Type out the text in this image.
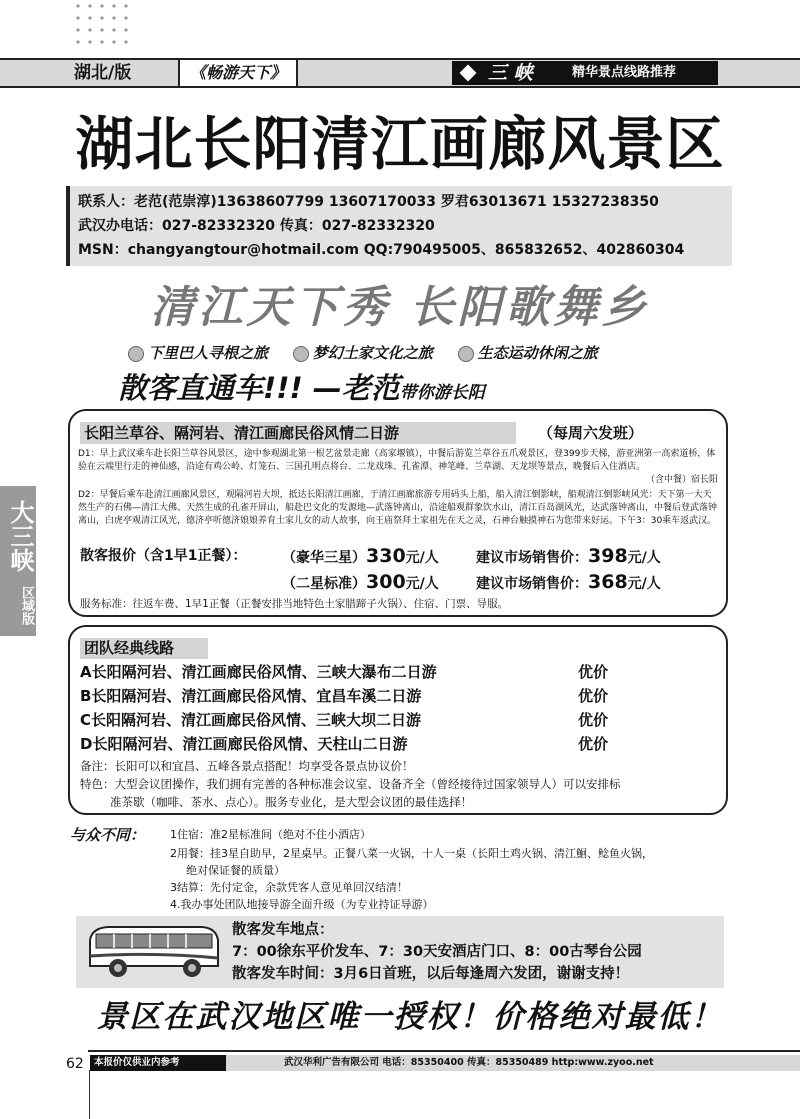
湖北/版	《畅游天下》	三 峡	精华景点线路推荐
湖北长阳清江画廊风景区
联系人：老范(范崇淳)13638607799 13607170033 罗君63013671 15327238350
武汉办电话：027-82332320 传真：027-82332320
MSN：changyangtour@hotmail.com QQ:790495005、865832652、402860304
清江天下秀 长阳歌舞乡
下里巴人寻根之旅	梦幻土家文化之旅	生态运动休闲之旅
散客直通车!!! —老范带你游长阳
长阳兰草谷、隔河岩、清江画廊民俗风情二日游	（每周六发班）
D1：早上武汉乘车赴长阳兰草谷风景区，途中参观湖北第一根艺盆景走廊（高家堰镇），中餐后游览兰草谷五爪观景区，登399步天梯，游亚洲第一高索道桥，体验在云端里行走的神仙感，沿途有鸡公岭、灯笼石、三国孔明点将台、二龙戏珠、孔雀潭、神笔峰、兰草湖、天龙坝等景点，晚餐后入住酒店。
（含中餐）宿长阳
D2：早餐后乘车赴清江画廊风景区，观隔河岩大坝，抵达长阳清江画廊，于清江画廊旅游专用码头上船，船入清江倒影峡，船观清江倒影峡风光：天下第一大天然生产的石佛—清江大佛、天然生成的孔雀开屏山，船赴巴文化的发源地—武落钟离山，沿途船观群象饮水山，清江百岛湖风光，达武落钟离山，中餐后登武落钟离山，白虎亭观清江风光，德济亭听德济娘娘养育土家儿女的动人故事，向王庙祭拜土家祖先在天之灵，石神台触摸神石为您带来好运。下午3：30乘车返武汉。
散客报价（含1早1正餐）：	（豪华三星）330元/人	建议市场销售价：398元/人
（二星标准）300元/人	建议市场销售价：368元/人
服务标准：往返车费、1早1正餐（正餐安排当地特色土家腊蹄子火锅）、住宿、门票、导服。
大三峡
区域版
团队经典线路
A长阳隔河岩、清江画廊民俗风情、三峡大瀑布二日游	优价
B长阳隔河岩、清江画廊民俗风情、宜昌车溪二日游	优价
C长阳隔河岩、清江画廊民俗风情、三峡大坝二日游	优价
D长阳隔河岩、清江画廊民俗风情、天柱山二日游	优价
备注：长阳可以和宜昌、五峰各景点搭配！均享受各景点协议价！
特色：大型会议团操作，我们拥有完善的各种标准会议室、设备齐全（曾经接待过国家领导人）可以安排标
准茶歇（咖啡、茶水、点心）。服务专业化，是大型会议团的最佳选择！
与众不同： 1住宿：准2星标准间（绝对不住小酒店）
2用餐：挂3星自助早，2星桌早。正餐八菜一火锅，十人一桌（长阳土鸡火锅、清江鮰、鲶鱼火锅，
绝对保证餐的质量）
3结算：先付定金，余款凭客人意见单回汉结清！
4.我办事处团队地接导游全面升级（为专业持证导游）
散客发车地点：
7：00徐东平价发车、7：30天安酒店门口、8：00古琴台公园
散客发车时间：3月6日首班，以后每逢周六发团，谢谢支持！
景区在武汉地区唯一授权！价格绝对最低！
62	本报价仅供业内参考	武汉华利广告有限公司 电话：85350400 传真：85350489 http:www.zyoo.net
